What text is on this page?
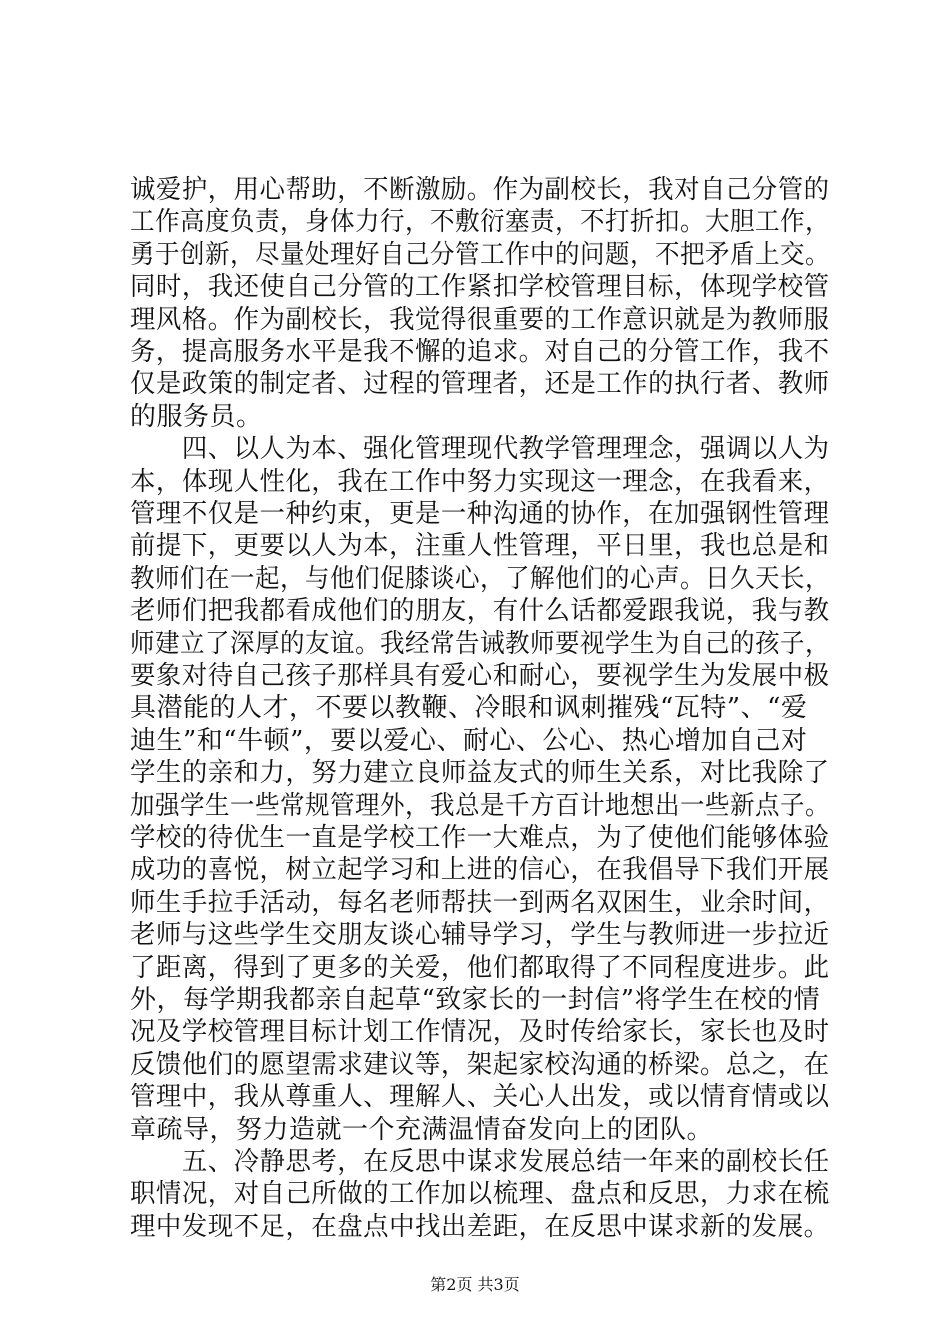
诚爱护，用心帮助，不断激励。作为副校长，我对自己分管的
工作高度负责，身体力行，不敷衍塞责，不打折扣。大胆工作，
勇于创新，尽量处理好自己分管工作中的问题，不把矛盾上交。
同时，我还使自己分管的工作紧扣学校管理目标，体现学校管
理风格。作为副校长，我觉得很重要的工作意识就是为教师服
务，提高服务水平是我不懈的追求。对自己的分管工作，我不
仅是政策的制定者、过程的管理者，还是工作的执行者、教师
的服务员。
　　四、以人为本、强化管理现代教学管理理念，强调以人为
本，体现人性化，我在工作中努力实现这一理念，在我看来，
管理不仅是一种约束，更是一种沟通的协作，在加强钢性管理
前提下，更要以人为本，注重人性管理，平日里，我也总是和
教师们在一起，与他们促膝谈心，了解他们的心声。日久天长，
老师们把我都看成他们的朋友，有什么话都爱跟我说，我与教
师建立了深厚的友谊。我经常告诫教师要视学生为自己的孩子，
要象对待自己孩子那样具有爱心和耐心，要视学生为发展中极
具潜能的人才，不要以教鞭、冷眼和讽刺摧残“瓦特”、“爱
迪生”和“牛顿”，要以爱心、耐心、公心、热心增加自己对
学生的亲和力，努力建立良师益友式的师生关系，对比我除了
加强学生一些常规管理外，我总是千方百计地想出一些新点子。
学校的待优生一直是学校工作一大难点，为了使他们能够体验
成功的喜悦，树立起学习和上进的信心，在我倡导下我们开展
师生手拉手活动，每名老师帮扶一到两名双困生，业余时间，
老师与这些学生交朋友谈心辅导学习，学生与教师进一步拉近
了距离，得到了更多的关爱，他们都取得了不同程度进步。此
外，每学期我都亲自起草“致家长的一封信”将学生在校的情
况及学校管理目标计划工作情况，及时传给家长，家长也及时
反馈他们的愿望需求建议等，架起家校沟通的桥梁。总之，在
管理中，我从尊重人、理解人、关心人出发，或以情育情或以
章疏导，努力造就一个充满温情奋发向上的团队。
　　五、冷静思考，在反思中谋求发展总结一年来的副校长任
职情况，对自己所做的工作加以梳理、盘点和反思，力求在梳
理中发现不足，在盘点中找出差距，在反思中谋求新的发展。
第2页 共3页
